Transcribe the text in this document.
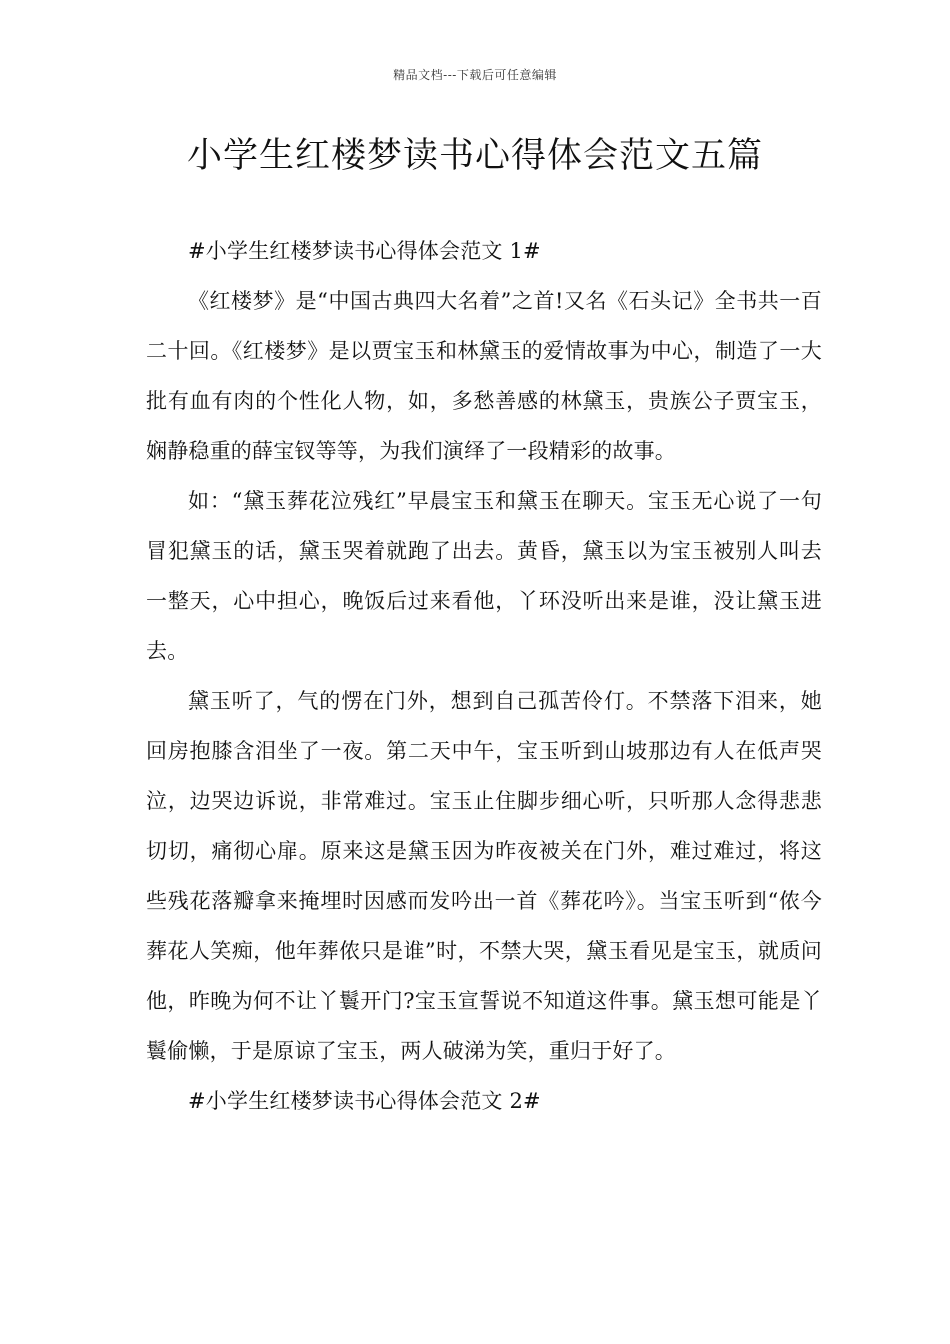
精品文档---下载后可任意编辑
小学生红楼梦读书心得体会范文五篇

#小学生红楼梦读书心得体会范文 1#

《红楼梦》是“中国古典四大名着”之首!又名《石头记》全书共一百二十回。《红楼梦》是以贾宝玉和林黛玉的爱情故事为中心，制造了一大批有血有肉的个性化人物，如，多愁善感的林黛玉，贵族公子贾宝玉，娴静稳重的薛宝钗等等，为我们演绎了一段精彩的故事。

如：“黛玉葬花泣残红”早晨宝玉和黛玉在聊天。宝玉无心说了一句冒犯黛玉的话，黛玉哭着就跑了出去。黄昏，黛玉以为宝玉被别人叫去一整天，心中担心，晚饭后过来看他，丫环没听出来是谁，没让黛玉进去。

黛玉听了，气的愣在门外，想到自己孤苦伶仃。不禁落下泪来，她回房抱膝含泪坐了一夜。第二天中午，宝玉听到山坡那边有人在低声哭泣，边哭边诉说，非常难过。宝玉止住脚步细心听，只听那人念得悲悲切切，痛彻心扉。原来这是黛玉因为昨夜被关在门外，难过难过，将这些残花落瓣拿来掩埋时因感而发吟出一首《葬花吟》。当宝玉听到“侬今葬花人笑痴，他年葬侬只是谁”时，不禁大哭，黛玉看见是宝玉，就质问他，昨晚为何不让丫鬟开门?宝玉宣誓说不知道这件事。黛玉想可能是丫鬟偷懒，于是原谅了宝玉，两人破涕为笑，重归于好了。

#小学生红楼梦读书心得体会范文 2#
